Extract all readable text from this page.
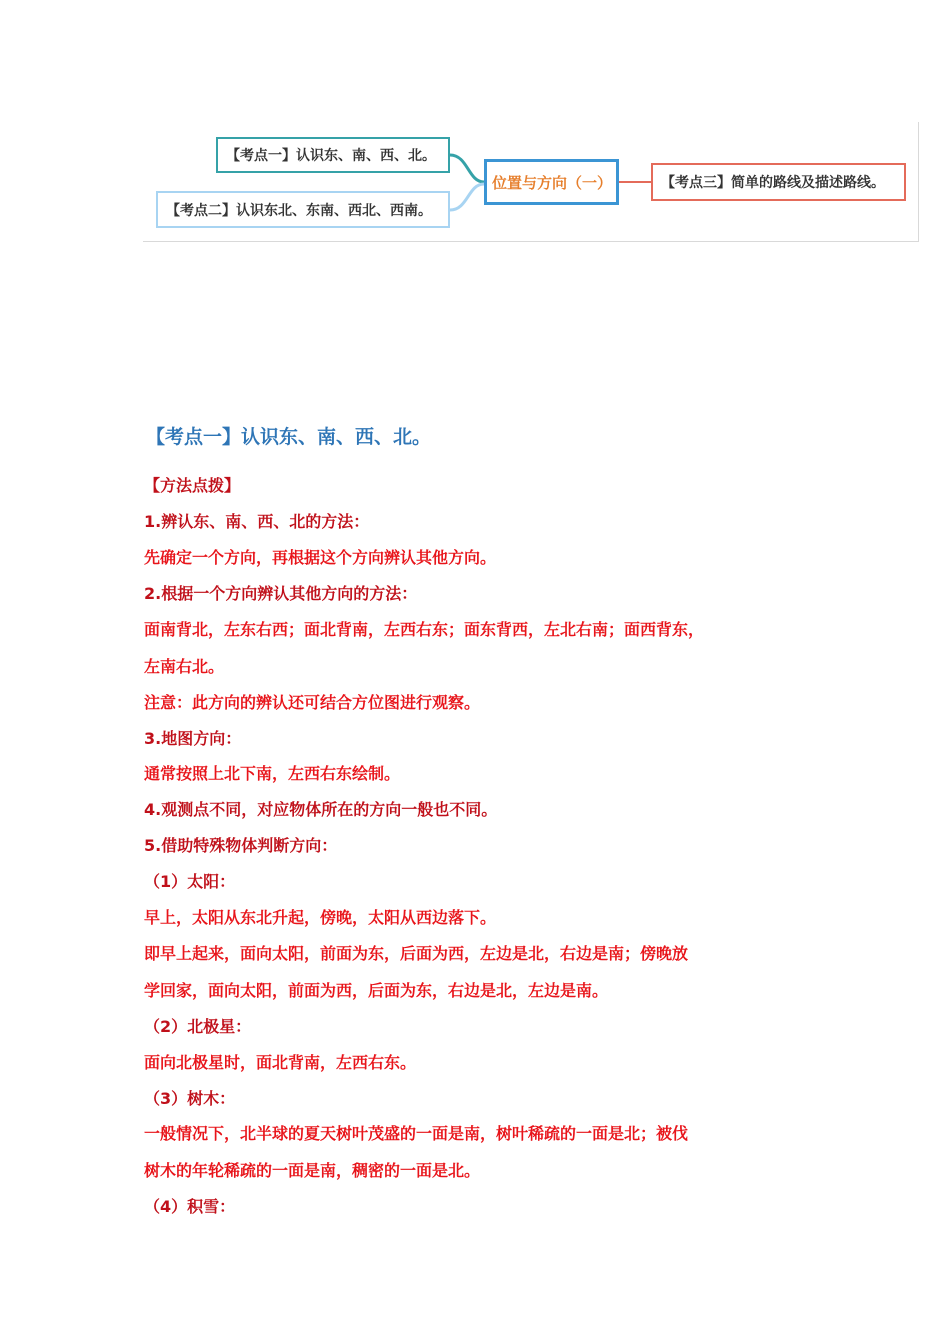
【考点一】认识东、南、西、北。
【考点二】认识东北、东南、西北、西南。
位置与方向（一）	【考点三】简单的路线及描述路线。
【考点一】认识东、南、西、北。
【方法点拨】
1.辨认东、南、西、北的方法：
先确定一个方向，再根据这个方向辨认其他方向。
2.根据一个方向辨认其他方向的方法：
面南背北，左东右西；面北背南，左西右东；面东背西，左北右南；面西背东，
左南右北。
注意：此方向的辨认还可结合方位图进行观察。
3.地图方向：
通常按照上北下南，左西右东绘制。
4.观测点不同，对应物体所在的方向一般也不同。
5.借助特殊物体判断方向：
（1）太阳：
早上，太阳从东北升起，傍晚，太阳从西边落下。
即早上起来，面向太阳，前面为东，后面为西，左边是北，右边是南；傍晚放
学回家，面向太阳，前面为西，后面为东，右边是北，左边是南。
（2）北极星：
面向北极星时，面北背南，左西右东。
（3）树木：
一般情况下，北半球的夏天树叶茂盛的一面是南，树叶稀疏的一面是北；被伐
树木的年轮稀疏的一面是南，稠密的一面是北。
（4）积雪：
